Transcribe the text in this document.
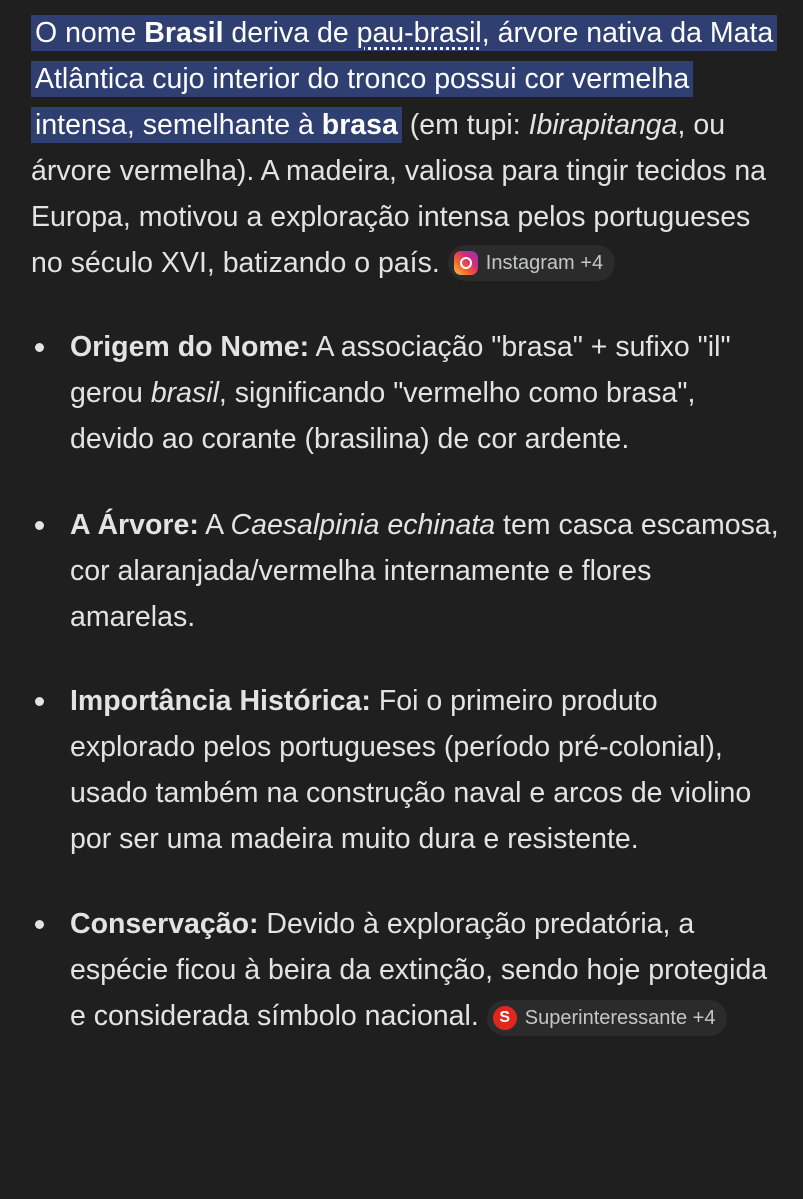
O nome Brasil deriva de pau-brasil, árvore nativa da Mata Atlântica cujo interior do tronco possui cor vermelha intensa, semelhante à brasa (em tupi: Ibirapitanga, ou árvore vermelha). A madeira, valiosa para tingir tecidos na Europa, motivou a exploração intensa pelos portugueses no século XVI, batizando o país. Instagram +4

Origem do Nome: A associação "brasa" + sufixo "il" gerou brasil, significando "vermelho como brasa", devido ao corante (brasilina) de cor ardente.
A Árvore: A Caesalpinia echinata tem casca escamosa, cor alaranjada/vermelha internamente e flores amarelas.
Importância Histórica: Foi o primeiro produto explorado pelos portugueses (período pré-colonial), usado também na construção naval e arcos de violino por ser uma madeira muito dura e resistente.
Conservação: Devido à exploração predatória, a espécie ficou à beira da extinção, sendo hoje protegida e considerada símbolo nacional. S Superinteressante +4
